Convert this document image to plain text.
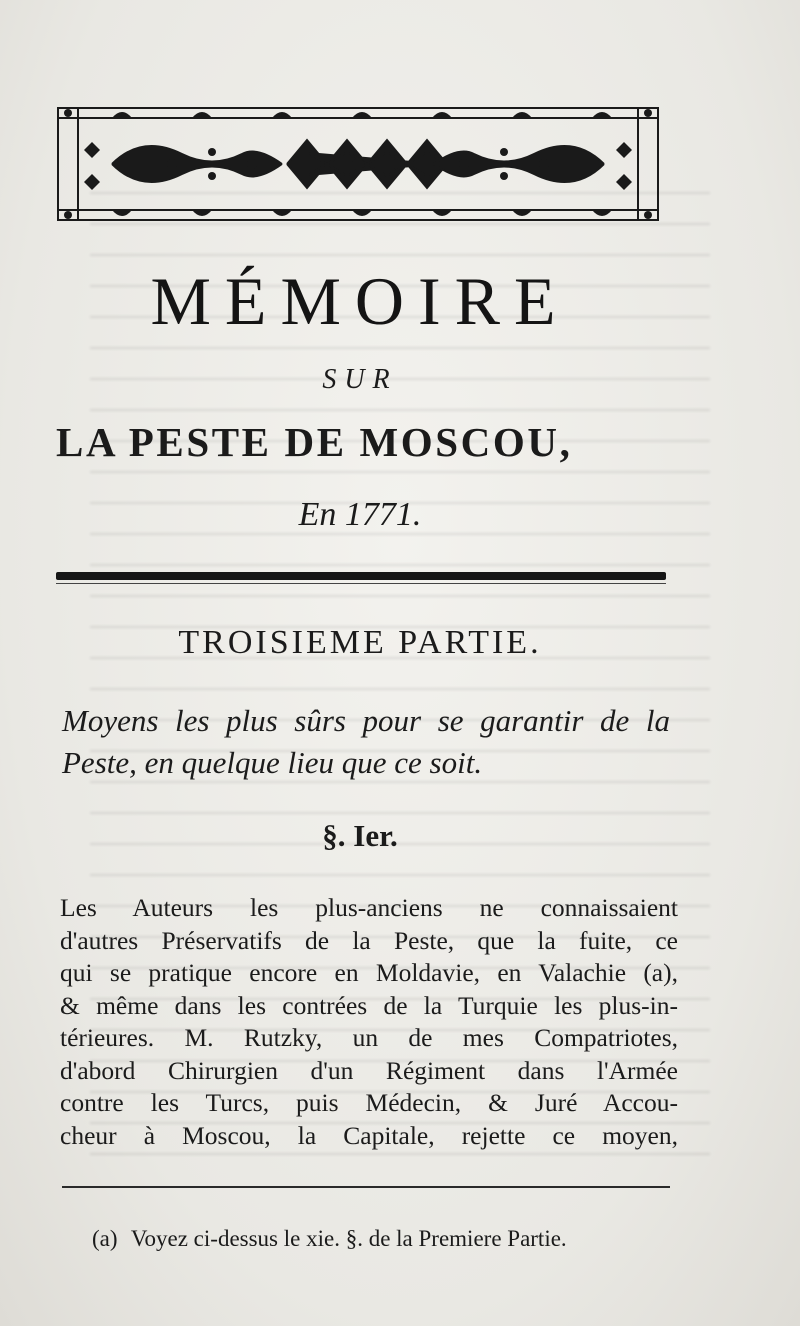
MÉMOIRE
SUR
LA PESTE DE MOSCOU,
En 1771.
TROISIEME PARTIE.
Moyens les plus sûrs pour se garantir de la Peste, en quelque lieu que ce soit.
§. Ier.
Les Auteurs les plus-anciens ne connaissaient
d'autres Préservatifs de la Peste, que la fuite, ce
qui se pratique encore en Moldavie, en Valachie (a),
& même dans les contrées de la Turquie les plus-in-
térieures. M. Rutzky, un de mes Compatriotes,
d'abord Chirurgien d'un Régiment dans l'Armée
contre les Turcs, puis Médecin, & Juré Accou-
cheur à Moscou, la Capitale, rejette ce moyen,
(a) Voyez ci-dessus le xie. §. de la Premiere Partie.
